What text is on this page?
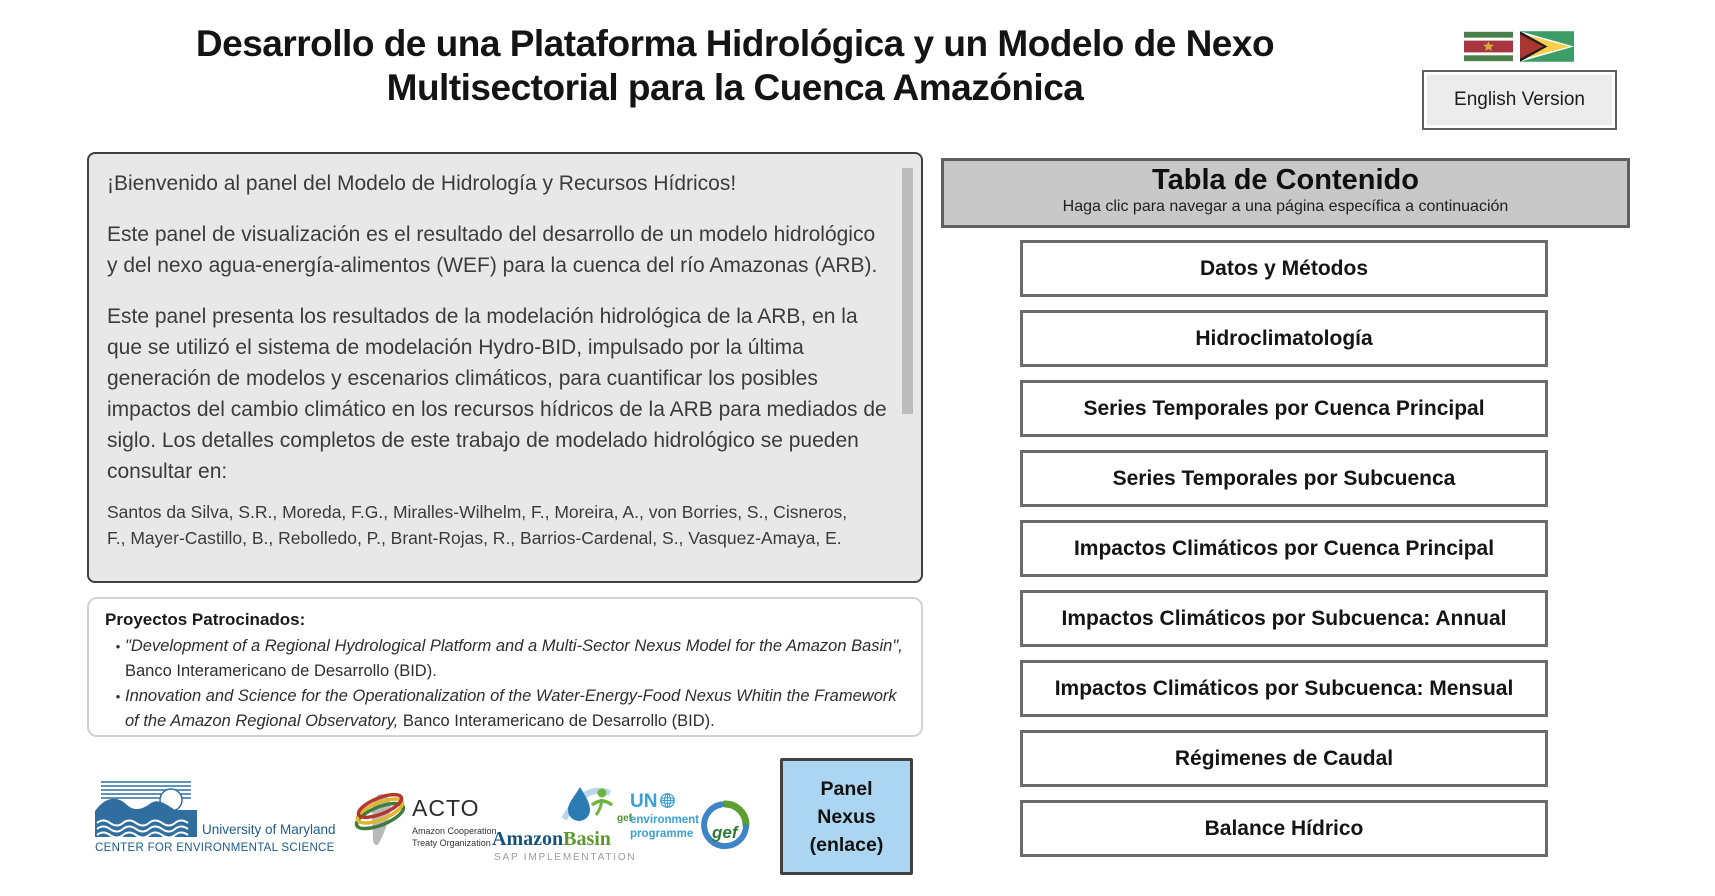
Desarrollo de una Plataforma Hidrológica y un Modelo de Nexo
Multisectorial para la Cuenca Amazónica	English Version

¡Bienvenido al panel del Modelo de Hidrología y Recursos Hídricos!

Este panel de visualización es el resultado del desarrollo de un modelo hidrológico y del nexo agua-energía-alimentos (WEF) para la cuenca del río Amazonas (ARB).

Este panel presenta los resultados de la modelación hidrológica de la ARB, en la que se utilizó el sistema de modelación Hydro-BID, impulsado por la última generación de modelos y escenarios climáticos, para cuantificar los posibles impactos del cambio climático en los recursos hídricos de la ARB para mediados de siglo. Los detalles completos de este trabajo de modelado hidrológico se pueden consultar en:

Santos da Silva, S.R., Moreda, F.G., Miralles-Wilhelm, F., Moreira, A., von Borries, S., Cisneros,
F., Mayer-Castillo, B., Rebolledo, P., Brant-Rojas, R., Barrios-Cardenal, S., Vasquez-Amaya, E.
Proyectos Patrocinados:
• "Development of a Regional Hydrological Platform and a Multi-Sector Nexus Model for the Amazon Basin", Banco Interamericano de Desarrollo (BID).
• Innovation and Science for the Operationalization of the Water-Energy-Food Nexus Whitin the Framework of the Amazon Regional Observatory, Banco Interamericano de Desarrollo (BID).
University of Maryland
CENTER FOR ENVIRONMENTAL SCIENCE
ACTO
Amazon Cooperation
Treaty Organization
gef
AmazonBasin
SAP IMPLEMENTATION
UN
environment
programme gef
Panel
Nexus
(enlace)
Tabla de Contenido
Haga clic para navegar a una página específica a continuación
Datos y Métodos
Hidroclimatología
Series Temporales por Cuenca Principal
Series Temporales por Subcuenca
Impactos Climáticos por Cuenca Principal
Impactos Climáticos por Subcuenca: Annual
Impactos Climáticos por Subcuenca: Mensual
Régimenes de Caudal
Balance Hídrico
